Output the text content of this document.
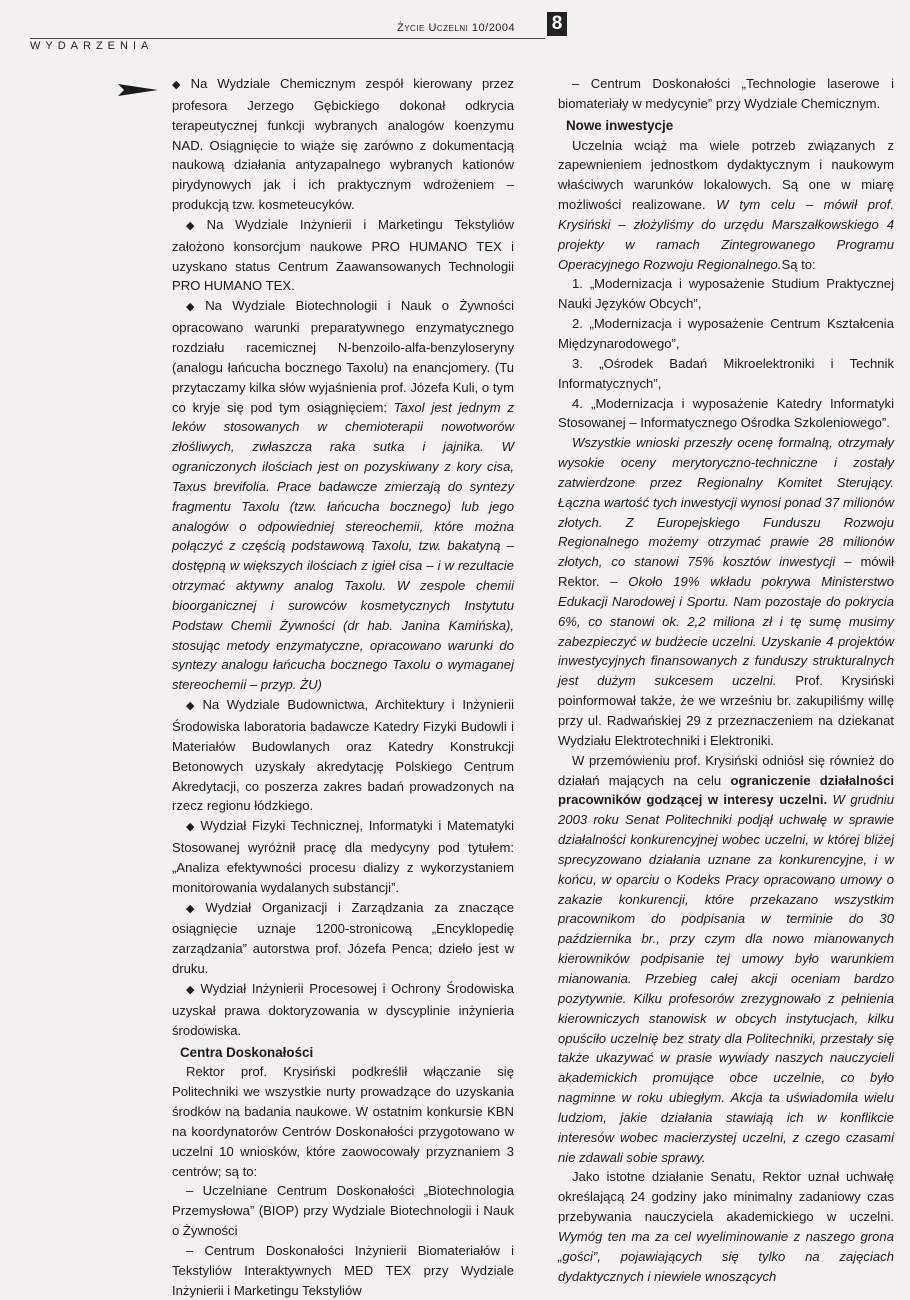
8
Życie Uczelni 10/2004
WYDARZENIA

◆ Na Wydziale Chemicznym zespół kierowany przez profesora Jerzego Gębickiego dokonał odkrycia terapeutycznej funkcji wybranych analogów koenzymu NAD. Osiągnięcie to wiąże się zarówno z dokumentacją naukową działania antyzapalnego wybranych kationów pirydynowych jak i ich praktycznym wdrożeniem – produkcją tzw. kosmeteucyków.

◆ Na Wydziale Inżynierii i Marketingu Tekstyliów założono konsorcjum naukowe PRO HUMANO TEX i uzyskano status Centrum Zaawansowanych Technologii PRO HUMANO TEX.

◆ Na Wydziale Biotechnologii i Nauk o Żywności opracowano warunki preparatywnego enzymatycznego rozdziału racemicznej N-benzoilo-alfa-benzyloseryny (analogu łańcucha bocznego Taxolu) na enancjomery. (Tu przytaczamy kilka słów wyjaśnienia prof. Józefa Kuli, o tym co kryje się pod tym osiągnięciem: Taxol jest jednym z leków stosowanych w chemioterapii nowotworów złośliwych, zwłaszcza raka sutka i jajnika. W ograniczonych ilościach jest on pozyskiwany z kory cisa, Taxus brevifolia. Prace badawcze zmierzają do syntezy fragmentu Taxolu (tzw. łańcucha bocznego) lub jego analogów o odpowiedniej stereochemii, które można połączyć z częścią podstawową Taxolu, tzw. bakatyną – dostępną w większych ilościach z igieł cisa – i w rezultacie otrzymać aktywny analog Taxolu. W zespole chemii bioorganicznej i surowców kosmetycznych Instytutu Podstaw Chemii Żywności (dr hab. Janina Kamińska), stosując metody enzymatyczne, opracowano warunki do syntezy analogu łańcucha bocznego Taxolu o wymaganej stereochemii – przyp. ŻU)

◆ Na Wydziale Budownictwa, Architektury i Inżynierii Środowiska laboratoria badawcze Katedry Fizyki Budowli i Materiałów Budowlanych oraz Katedry Konstrukcji Betonowych uzyskały akredytację Polskiego Centrum Akredytacji, co poszerza zakres badań prowadzonych na rzecz regionu łódzkiego.

◆ Wydział Fizyki Technicznej, Informatyki i Matematyki Stosowanej wyróżnił pracę dla medycyny pod tytułem: „Analiza efektywności procesu dializy z wykorzystaniem monitorowania wydalanych substancji”.

◆ Wydział Organizacji i Zarządzania za znaczące osiągnięcie uznaje 1200-stronicową „Encyklopedię zarządzania” autorstwa prof. Józefa Penca; dzieło jest w druku.

◆ Wydział Inżynierii Procesowej i Ochrony Środowiska uzyskał prawa doktoryzowania w dyscyplinie inżynieria środowiska.

Centra Doskonałości

Rektor prof. Krysiński podkreślił włączanie się Politechniki we wszystkie nurty prowadzące do uzyskania środków na badania naukowe. W ostatnim konkursie KBN na koordynatorów Centrów Doskonałości przygotowano w uczelni 10 wniosków, które zaowocowały przyznaniem 3 centrów; są to:

– Uczelniane Centrum Doskonałości „Biotechnologia Przemysłowa” (BIOP) przy Wydziale Biotechnologii i Nauk o Żywności

– Centrum Doskonałości Inżynierii Biomateriałów i Tekstyliów Interaktywnych MED TEX przy Wydziale Inżynierii i Marketingu Tekstyliów

– Centrum Doskonałości „Technologie laserowe i biomateriały w medycynie” przy Wydziale Chemicznym.

Nowe inwestycje

Uczelnia wciąż ma wiele potrzeb związanych z zapewnieniem jednostkom dydaktycznym i naukowym właściwych warunków lokalowych. Są one w miarę możliwości realizowane. W tym celu – mówił prof. Krysiński – złożyliśmy do urzędu Marszałkowskiego 4 projekty w ramach Zintegrowanego Programu Operacyjnego Rozwoju Regionalnego.Są to:

1. „Modernizacja i wyposażenie Studium Praktycznej Nauki Języków Obcych”,

2. „Modernizacja i wyposażenie Centrum Kształcenia Międzynarodowego”,

3. „Ośrodek Badań Mikroelektroniki i Technik Informatycznych”,

4. „Modernizacja i wyposażenie Katedry Informatyki Stosowanej – Informatycznego Ośrodka Szkoleniowego”.

Wszystkie wnioski przeszły ocenę formalną, otrzymały wysokie oceny merytoryczno-techniczne i zostały zatwierdzone przez Regionalny Komitet Sterujący. Łączna wartość tych inwestycji wynosi ponad 37 milionów złotych. Z Europejskiego Funduszu Rozwoju Regionalnego możemy otrzymać prawie 28 milionów złotych, co stanowi 75% kosztów inwestycji – mówił Rektor. – Około 19% wkładu pokrywa Ministerstwo Edukacji Narodowej i Sportu. Nam pozostaje do pokrycia 6%, co stanowi ok. 2,2 miliona zł i tę sumę musimy zabezpieczyć w budżecie uczelni. Uzyskanie 4 projektów inwestycyjnych finansowanych z funduszy strukturalnych jest dużym sukcesem uczelni. Prof. Krysiński poinformował także, że we wrześniu br. zakupiliśmy willę przy ul. Radwańskiej 29 z przeznaczeniem na dziekanat Wydziału Elektrotechniki i Elektroniki.

W przemówieniu prof. Krysiński odniósł się również do działań mających na celu ograniczenie działalności pracowników godzącej w interesy uczelni. W grudniu 2003 roku Senat Politechniki podjął uchwałę w sprawie działalności konkurencyjnej wobec uczelni, w której bliżej sprecyzowano działania uznane za konkurencyjne, i w końcu, w oparciu o Kodeks Pracy opracowano umowy o zakazie konkurencji, które przekazano wszystkim pracownikom do podpisania w terminie do 30 października br., przy czym dla nowo mianowanych kierowników podpisanie tej umowy było warunkiem mianowania. Przebieg całej akcji oceniam bardzo pozytywnie. Kilku profesorów zrezygnowało z pełnienia kierowniczych stanowisk w obcych instytucjach, kilku opuściło uczelnię bez straty dla Politechniki, przestały się także ukazywać w prasie wywiady naszych nauczycieli akademickich promujące obce uczelnie, co było nagminne w roku ubiegłym. Akcja ta uświadomiła wielu ludziom, jakie działania stawiają ich w konflikcie interesów wobec macierzystej uczelni, z czego czasami nie zdawali sobie sprawy.

Jako istotne działanie Senatu, Rektor uznał uchwałę określającą 24 godziny jako minimalny zadaniowy czas przebywania nauczyciela akademickiego w uczelni. Wymóg ten ma za cel wyeliminowanie z naszego grona „gości”, pojawiających się tylko na zajęciach dydaktycznych i niewiele wnoszących
